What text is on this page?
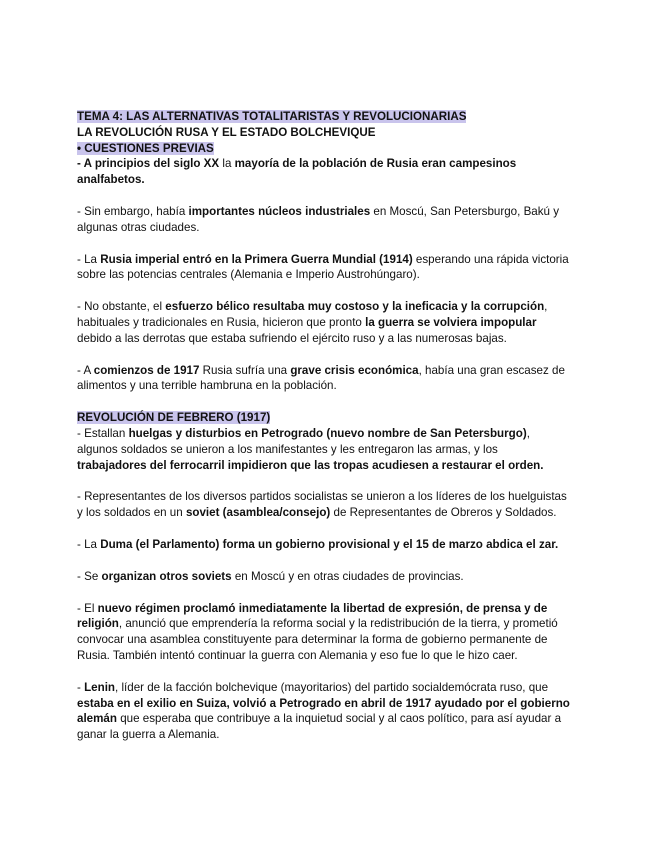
TEMA 4: LAS ALTERNATIVAS TOTALITARISTAS Y REVOLUCIONARIAS
LA REVOLUCIÓN RUSA Y EL ESTADO BOLCHEVIQUE
• CUESTIONES PREVIAS
- A principios del siglo XX la mayoría de la población de Rusia eran campesinos
analfabetos.
- Sin embargo, había importantes núcleos industriales en Moscú, San Petersburgo, Bakú y
algunas otras ciudades.
- La Rusia imperial entró en la Primera Guerra Mundial (1914) esperando una rápida victoria
sobre las potencias centrales (Alemania e Imperio Austrohúngaro).
- No obstante, el esfuerzo bélico resultaba muy costoso y la ineficacia y la corrupción,
habituales y tradicionales en Rusia, hicieron que pronto la guerra se volviera impopular
debido a las derrotas que estaba sufriendo el ejército ruso y a las numerosas bajas.
- A comienzos de 1917 Rusia sufría una grave crisis económica, había una gran escasez de
alimentos y una terrible hambruna en la población.
REVOLUCIÓN DE FEBRERO (1917)
- Estallan huelgas y disturbios en Petrogrado (nuevo nombre de San Petersburgo),
algunos soldados se unieron a los manifestantes y les entregaron las armas, y los
trabajadores del ferrocarril impidieron que las tropas acudiesen a restaurar el orden.
- Representantes de los diversos partidos socialistas se unieron a los líderes de los huelguistas
y los soldados en un soviet (asamblea/consejo) de Representantes de Obreros y Soldados.
- La Duma (el Parlamento) forma un gobierno provisional y el 15 de marzo abdica el zar.
- Se organizan otros soviets en Moscú y en otras ciudades de provincias.
- El nuevo régimen proclamó inmediatamente la libertad de expresión, de prensa y de
religión, anunció que emprendería la reforma social y la redistribución de la tierra, y prometió
convocar una asamblea constituyente para determinar la forma de gobierno permanente de
Rusia. También intentó continuar la guerra con Alemania y eso fue lo que le hizo caer.
- Lenin, líder de la facción bolchevique (mayoritarios) del partido socialdemócrata ruso, que
estaba en el exilio en Suiza, volvió a Petrogrado en abril de 1917 ayudado por el gobierno
alemán que esperaba que contribuye a la inquietud social y al caos político, para así ayudar a
ganar la guerra a Alemania.
